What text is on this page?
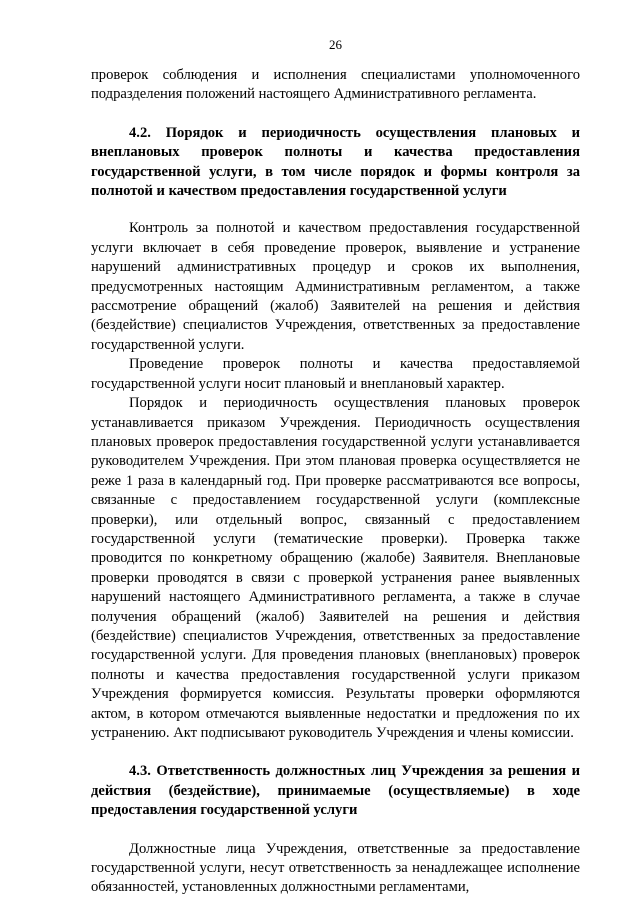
26

проверок соблюдения и исполнения специалистами уполномоченного подразделения положений настоящего Административного регламента.

4.2. Порядок и периодичность осуществления плановых и внеплановых проверок полноты и качества предоставления государственной услуги, в том числе порядок и формы контроля за полнотой и качеством предоставления государственной услуги

Контроль за полнотой и качеством предоставления государственной услуги включает в себя проведение проверок, выявление и устранение нарушений административных процедур и сроков их выполнения, предусмотренных настоящим Административным регламентом, а также рассмотрение обращений (жалоб) Заявителей на решения и действия (бездействие) специалистов Учреждения, ответственных за предоставление государственной услуги.

Проведение проверок полноты и качества предоставляемой государственной услуги носит плановый и внеплановый характер.

Порядок и периодичность осуществления плановых проверок устанавливается приказом Учреждения. Периодичность осуществления плановых проверок предоставления государственной услуги устанавливается руководителем Учреждения. При этом плановая проверка осуществляется не реже 1 раза в календарный год. При проверке рассматриваются все вопросы, связанные с предоставлением государственной услуги (комплексные проверки), или отдельный вопрос, связанный с предоставлением государственной услуги (тематические проверки). Проверка также проводится по конкретному обращению (жалобе) Заявителя. Внеплановые проверки проводятся в связи с проверкой устранения ранее выявленных нарушений настоящего Административного регламента, а также в случае получения обращений (жалоб) Заявителей на решения и действия (бездействие) специалистов Учреждения, ответственных за предоставление государственной услуги. Для проведения плановых (внеплановых) проверок полноты и качества предоставления государственной услуги приказом Учреждения формируется комиссия. Результаты проверки оформляются актом, в котором отмечаются выявленные недостатки и предложения по их устранению. Акт подписывают руководитель Учреждения и члены комиссии.

4.3. Ответственность должностных лиц Учреждения за решения и действия (бездействие), принимаемые (осуществляемые) в ходе предоставления государственной услуги

Должностные лица Учреждения, ответственные за предоставление государственной услуги, несут ответственность за ненадлежащее исполнение обязанностей, установленных должностными регламентами,
